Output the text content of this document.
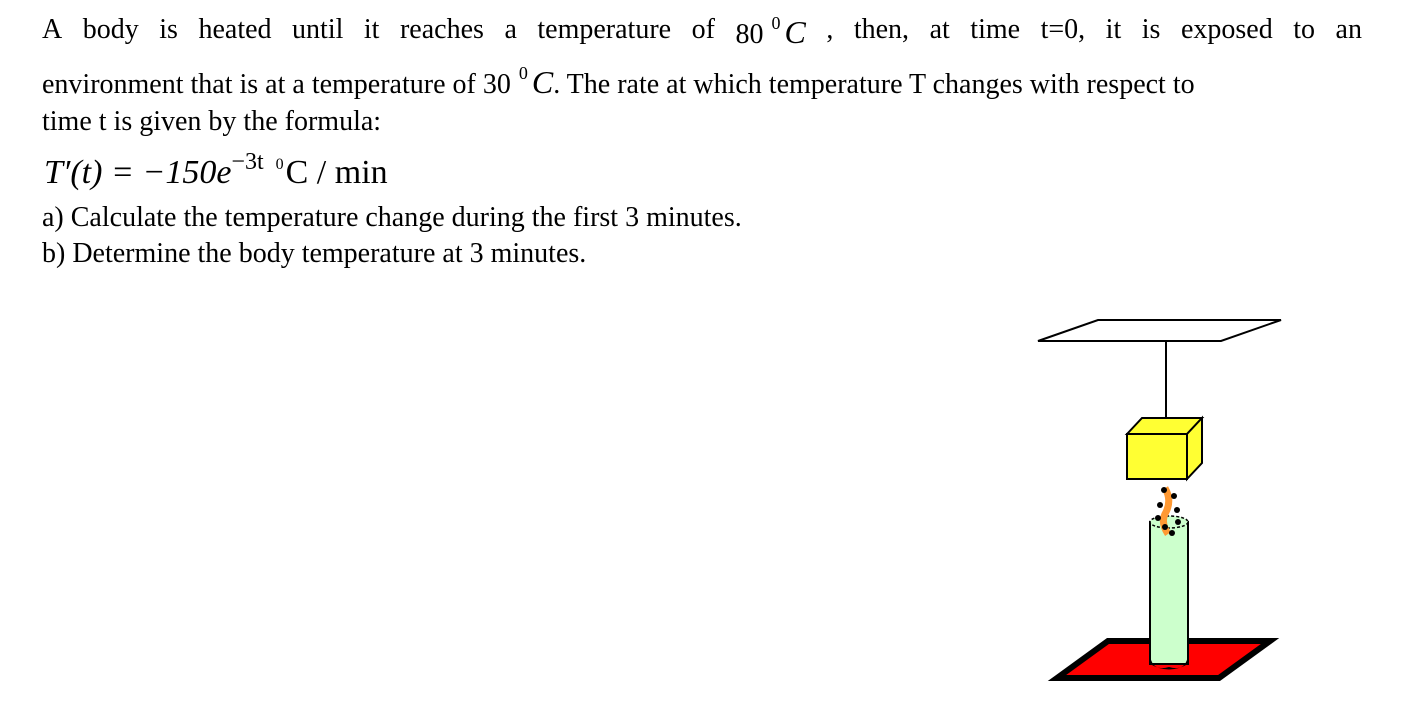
A body is heated until it reaches a temperature of 80 $^0$ C , then, at time t=0, it is exposed to an
environment that is at a temperature of 30 $^0$ C. The rate at which temperature T changes with respect to
time t is given by the formula:
$T'(t) = -150e^{-3t}$ $^0$C / min
a) Calculate the temperature change during the first 3 minutes.
b) Determine the body temperature at 3 minutes.
